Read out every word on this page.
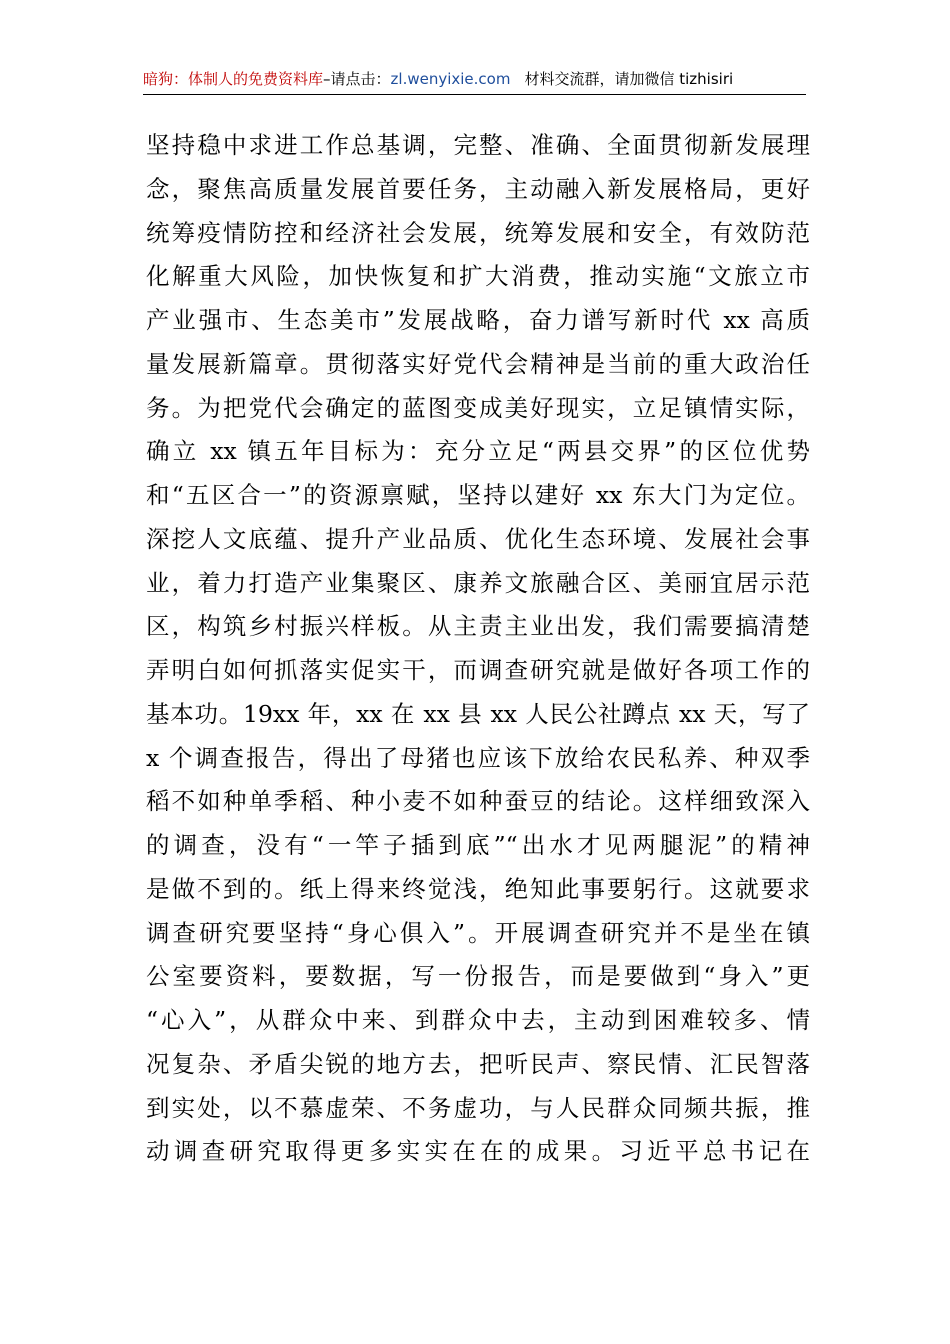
暗狗：体制人的免费资料库–请点击：zl.wenyixie.com 材料交流群，请加微信 tizhisiri
坚持稳中求进工作总基调，完整、准确、全面贯彻新发展理
念，聚焦高质量发展首要任务，主动融入新发展格局，更好
统筹疫情防控和经济社会发展，统筹发展和安全，有效防范
化解重大风险，加快恢复和扩大消费，推动实施“文旅立市
产业强市、生态美市”发展战略，奋力谱写新时代 xx 高质
量发展新篇章。贯彻落实好党代会精神是当前的重大政治任
务。为把党代会确定的蓝图变成美好现实，立足镇情实际，
确立 xx 镇五年目标为：充分立足“两县交界”的区位优势
和“五区合一”的资源禀赋，坚持以建好 xx 东大门为定位。
深挖人文底蕴、提升产业品质、优化生态环境、发展社会事
业，着力打造产业集聚区、康养文旅融合区、美丽宜居示范
区，构筑乡村振兴样板。从主责主业出发，我们需要搞清楚
弄明白如何抓落实促实干，而调查研究就是做好各项工作的
基本功。19xx 年，xx 在 xx 县 xx 人民公社蹲点 xx 天，写了
x 个调查报告，得出了母猪也应该下放给农民私养、种双季
稻不如种单季稻、种小麦不如种蚕豆的结论。这样细致深入
的调查，没有“一竿子插到底”“出水才见两腿泥”的精神
是做不到的。纸上得来终觉浅，绝知此事要躬行。这就要求
调查研究要坚持“身心俱入”。开展调查研究并不是坐在镇
公室要资料，要数据，写一份报告，而是要做到“身入”更
“心入”，从群众中来、到群众中去，主动到困难较多、情
况复杂、矛盾尖锐的地方去，把听民声、察民情、汇民智落
到实处，以不慕虚荣、不务虚功，与人民群众同频共振，推
动调查研究取得更多实实在在的成果。习近平总书记在
